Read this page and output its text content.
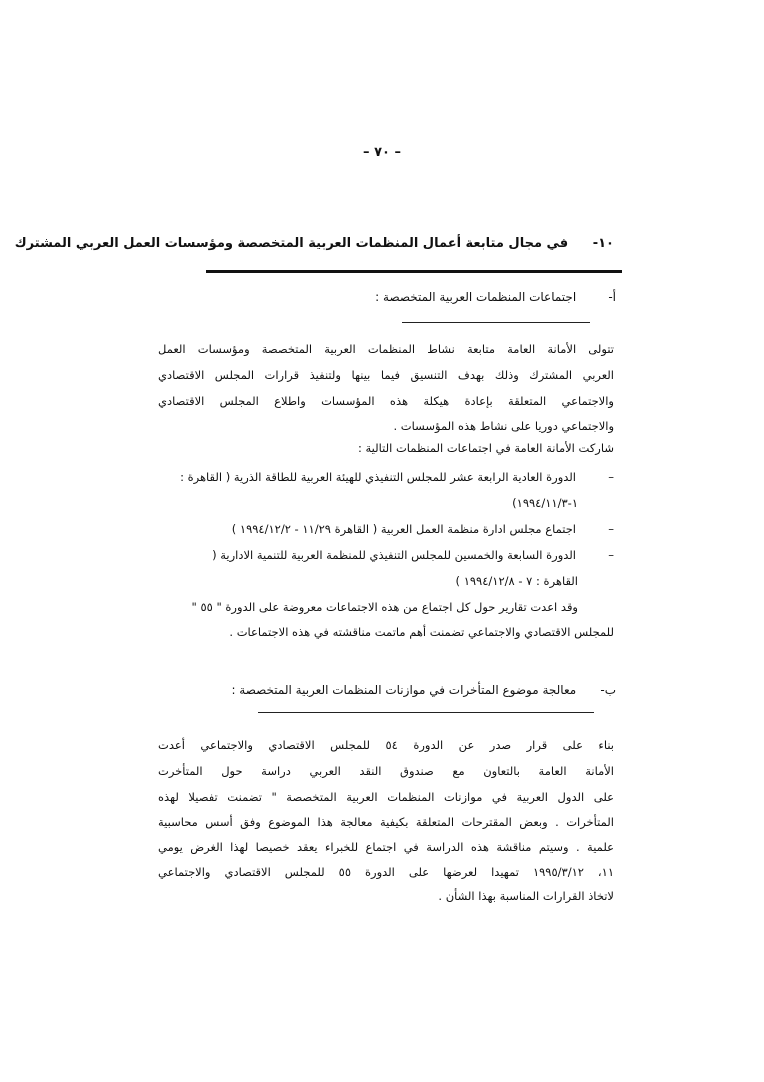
– ٧٠ –
١٠- في مجال متابعة أعمال المنظمات العربية المتخصصة ومؤسسات العمل العربي المشترك
أ- اجتماعات المنظمات العربية المتخصصة :
تتولى الأمانة العامة متابعة نشاط المنظمات العربية المتخصصة ومؤسسات العمل
العربي المشترك وذلك بهدف التنسيق فيما بينها ولتنفيذ قرارات المجلس الاقتصادي
والاجتماعي المتعلقة بإعادة هيكلة هذه المؤسسات واطلاع المجلس الاقتصادي
والاجتماعي دوريا على نشاط هذه المؤسسات .
شاركت الأمانة العامة في اجتماعات المنظمات التالية :
–الدورة العادية الرابعة عشر للمجلس التنفيذي للهيئة العربية للطاقة الذرية ( القاهرة :
١-١٩٩٤/١١/٣)
–اجتماع مجلس ادارة منظمة العمل العربية ( القاهرة ١١/٢٩ - ١٩٩٤/١٢/٢ )
–الدورة السابعة والخمسين للمجلس التنفيذي للمنظمة العربية للتنمية الادارية (
القاهرة : ٧ - ١٩٩٤/١٢/٨ )
وقد اعدت تقارير حول كل اجتماع من هذه الاجتماعات معروضة على الدورة " ٥٥ "
للمجلس الاقتصادي والاجتماعي تضمنت أهم ماتمت مناقشته في هذه الاجتماعات .
ب- معالجة موضوع المتأخرات في موازنات المنظمات العربية المتخصصة :
بناء على قرار صدر عن الدورة ٥٤ للمجلس الاقتصادي والاجتماعي أعدت
الأمانة العامة بالتعاون مع صندوق النقد العربي دراسة حول المتأخرت
على الدول العربية في موازنات المنظمات العربية المتخصصة " تضمنت تفصيلا لهذه
المتأخرات . وبعض المقترحات المتعلقة بكيفية معالجة هذا الموضوع وفق أسس محاسبية
علمية . وسيتم مناقشة هذه الدراسة في اجتماع للخبراء يعقد خصيصا لهذا الغرض يومي
١١، ١٩٩٥/٣/١٢ تمهيدا لعرضها على الدورة ٥٥ للمجلس الاقتصادي والاجتماعي
لاتخاذ القرارات المناسبة بهذا الشأن .
